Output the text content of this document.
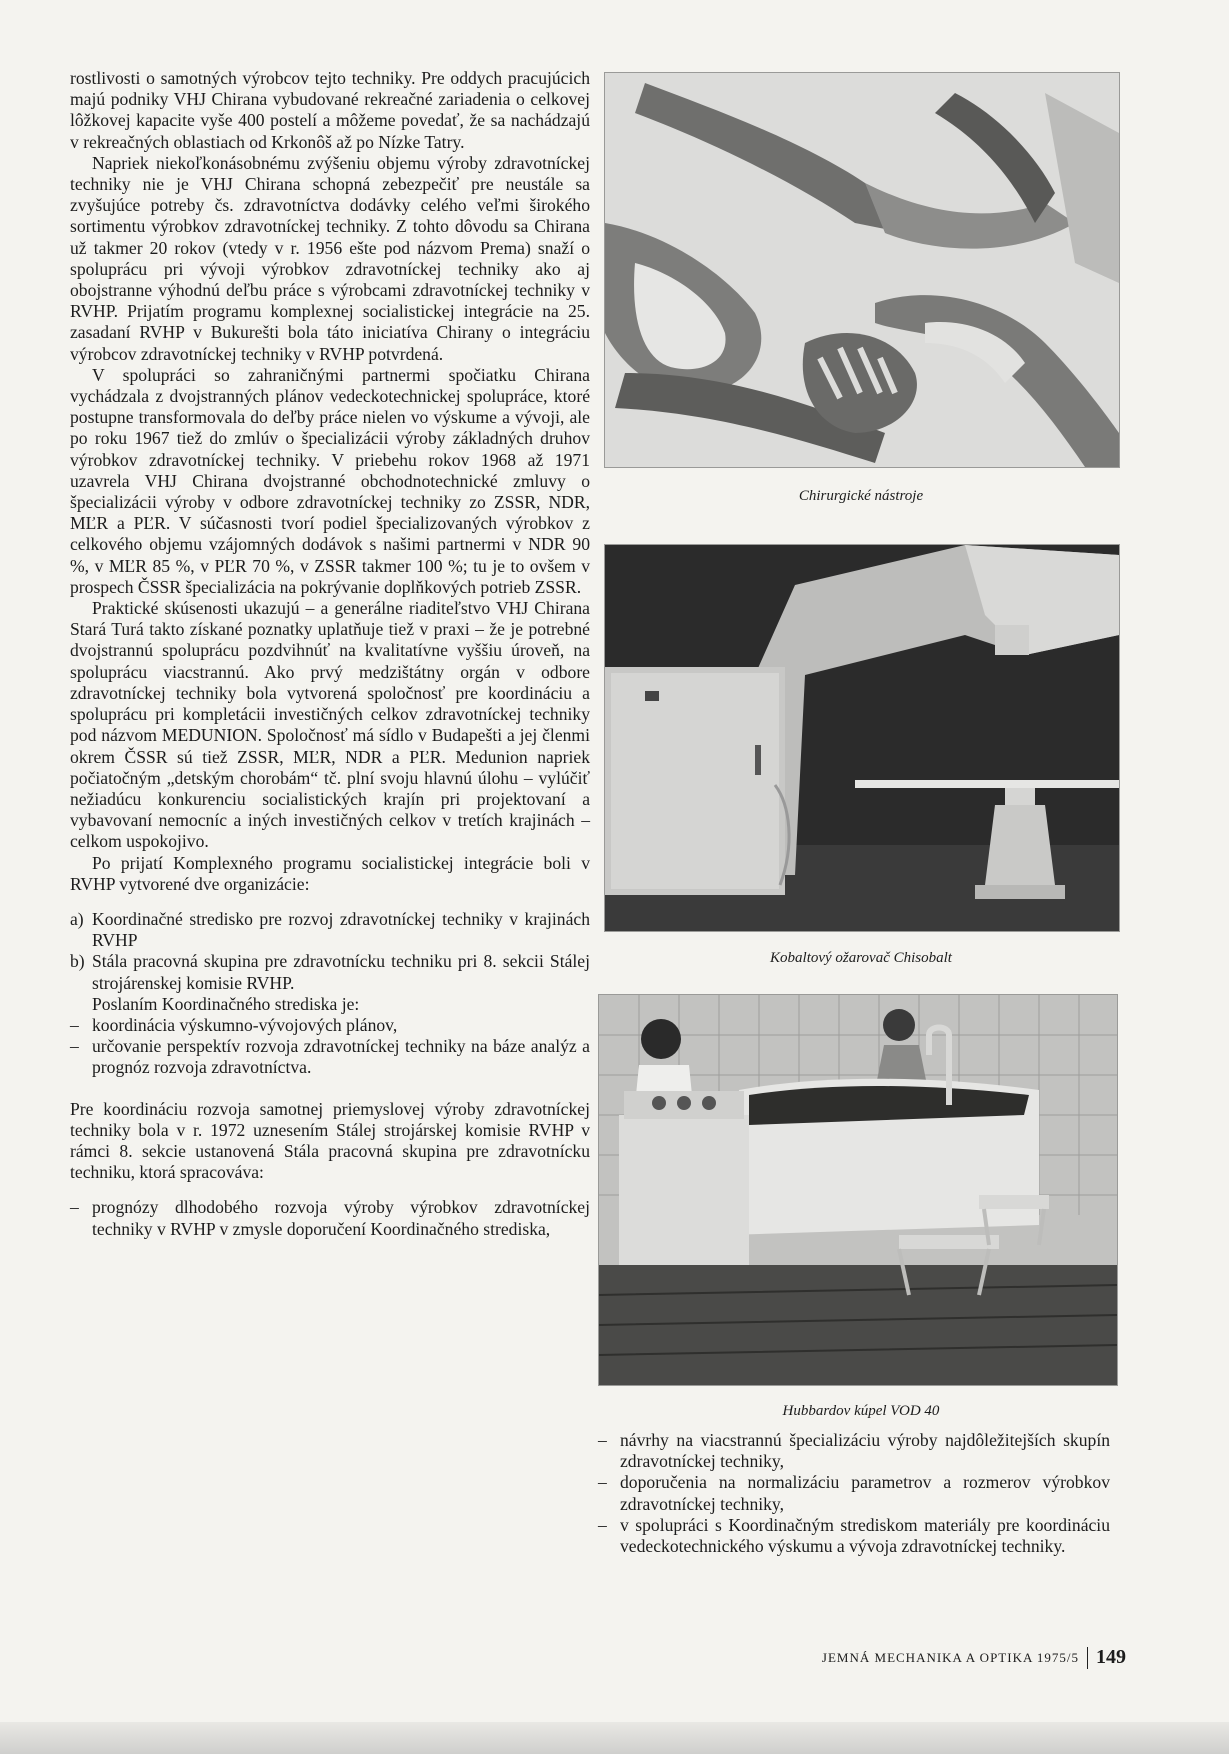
rostlivosti o samotných výrobcov tejto techniky. Pre oddych pracujúcich majú podniky VHJ Chirana vybudované rekreačné zariadenia o celkovej lôžkovej kapacite vyše 400 postelí a môžeme povedať, že sa nachádzajú v rekreačných oblastiach od Krkonôš až po Nízke Tatry.

Napriek niekoľkonásobnému zvýšeniu objemu výroby zdravotníckej techniky nie je VHJ Chirana schopná zebezpečiť pre neustále sa zvyšujúce potreby čs. zdravotníctva dodávky celého veľmi širokého sortimentu výrobkov zdravotníckej techniky. Z tohto dôvodu sa Chirana už takmer 20 rokov (vtedy v r. 1956 ešte pod názvom Prema) snaží o spoluprácu pri vývoji výrobkov zdravotníckej techniky ako aj obojstranne výhodnú deľbu práce s výrobcami zdravotníckej techniky v RVHP. Prijatím programu komplexnej socialistickej integrácie na 25. zasadaní RVHP v Bukurešti bola táto iniciatíva Chirany o integráciu výrobcov zdravotníckej techniky v RVHP potvrdená.

V spolupráci so zahraničnými partnermi spočiatku Chirana vychádzala z dvojstranných plánov vedeckotechnickej spolupráce, ktoré postupne transformovala do deľby práce nielen vo výskume a vývoji, ale po roku 1967 tiež do zmlúv o špecializácii výroby základných druhov výrobkov zdravotníckej techniky. V priebehu rokov 1968 až 1971 uzavrela VHJ Chirana dvojstranné obchodnotechnické zmluvy o špecializácii výroby v odbore zdravotníckej techniky zo ZSSR, NDR, MĽR a PĽR. V súčasnosti tvorí podiel špecializovaných výrobkov z celkového objemu vzájomných dodávok s našimi partnermi v NDR 90 %, v MĽR 85 %, v PĽR 70 %, v ZSSR takmer 100 %; tu je to ovšem v prospech ČSSR špecializácia na pokrývanie doplňkových potrieb ZSSR.

Praktické skúsenosti ukazujú – a generálne riaditeľstvo VHJ Chirana Stará Turá takto získané poznatky uplatňuje tiež v praxi – že je potrebné dvojstrannú spoluprácu pozdvihnúť na kvalitatívne vyššiu úroveň, na spoluprácu viacstrannú. Ako prvý medzištátny orgán v odbore zdravotníckej techniky bola vytvorená spoločnosť pre koordináciu a spoluprácu pri kompletácii investičných celkov zdravotníckej techniky pod názvom MEDUNION. Spoločnosť má sídlo v Budapešti a jej členmi okrem ČSSR sú tiež ZSSR, MĽR, NDR a PĽR. Medunion napriek počiatočným „detským chorobám“ tč. plní svoju hlavnú úlohu – vylúčiť nežiadúcu konkurenciu socialistických krajín pri projektovaní a vybavovaní nemocníc a iných investičných celkov v tretích krajinách – celkom uspokojivo.

Po prijatí Komplexného programu socialistickej integrácie boli v RVHP vytvorené dve organizácie:

a) Koordinačné stredisko pre rozvoj zdravotníckej techniky v krajinách RVHP
b) Stála pracovná skupina pre zdravotnícku techniku pri 8. sekcii Stálej strojárenskej komisie RVHP.

Poslaním Koordinačného strediska je:

– koordinácia výskumno-vývojových plánov,
– určovanie perspektív rozvoja zdravotníckej techniky na báze analýz a prognóz rozvoja zdravotníctva.

Pre koordináciu rozvoja samotnej priemyslovej výroby zdravotníckej techniky bola v r. 1972 uznesením Stálej strojárskej komisie RVHP v rámci 8. sekcie ustanovená Stála pracovná skupina pre zdravotnícku techniku, ktorá spracováva:

– prognózy dlhodobého rozvoja výroby výrobkov zdravotníckej techniky v RVHP v zmysle doporučení Koordinačného strediska,
Chirurgické nástroje
Kobaltový ožarovač Chisobalt
Hubbardov kúpel VOD 40
– návrhy na viacstrannú špecializáciu výroby najdôležitejších skupín zdravotníckej techniky,
– doporučenia na normalizáciu parametrov a rozmerov výrobkov zdravotníckej techniky,
– v spolupráci s Koordinačným strediskom materiály pre koordináciu vedeckotechnického výskumu a vývoja zdravotníckej techniky.
JEMNÁ MECHANIKA A OPTIKA 1975/5 149
